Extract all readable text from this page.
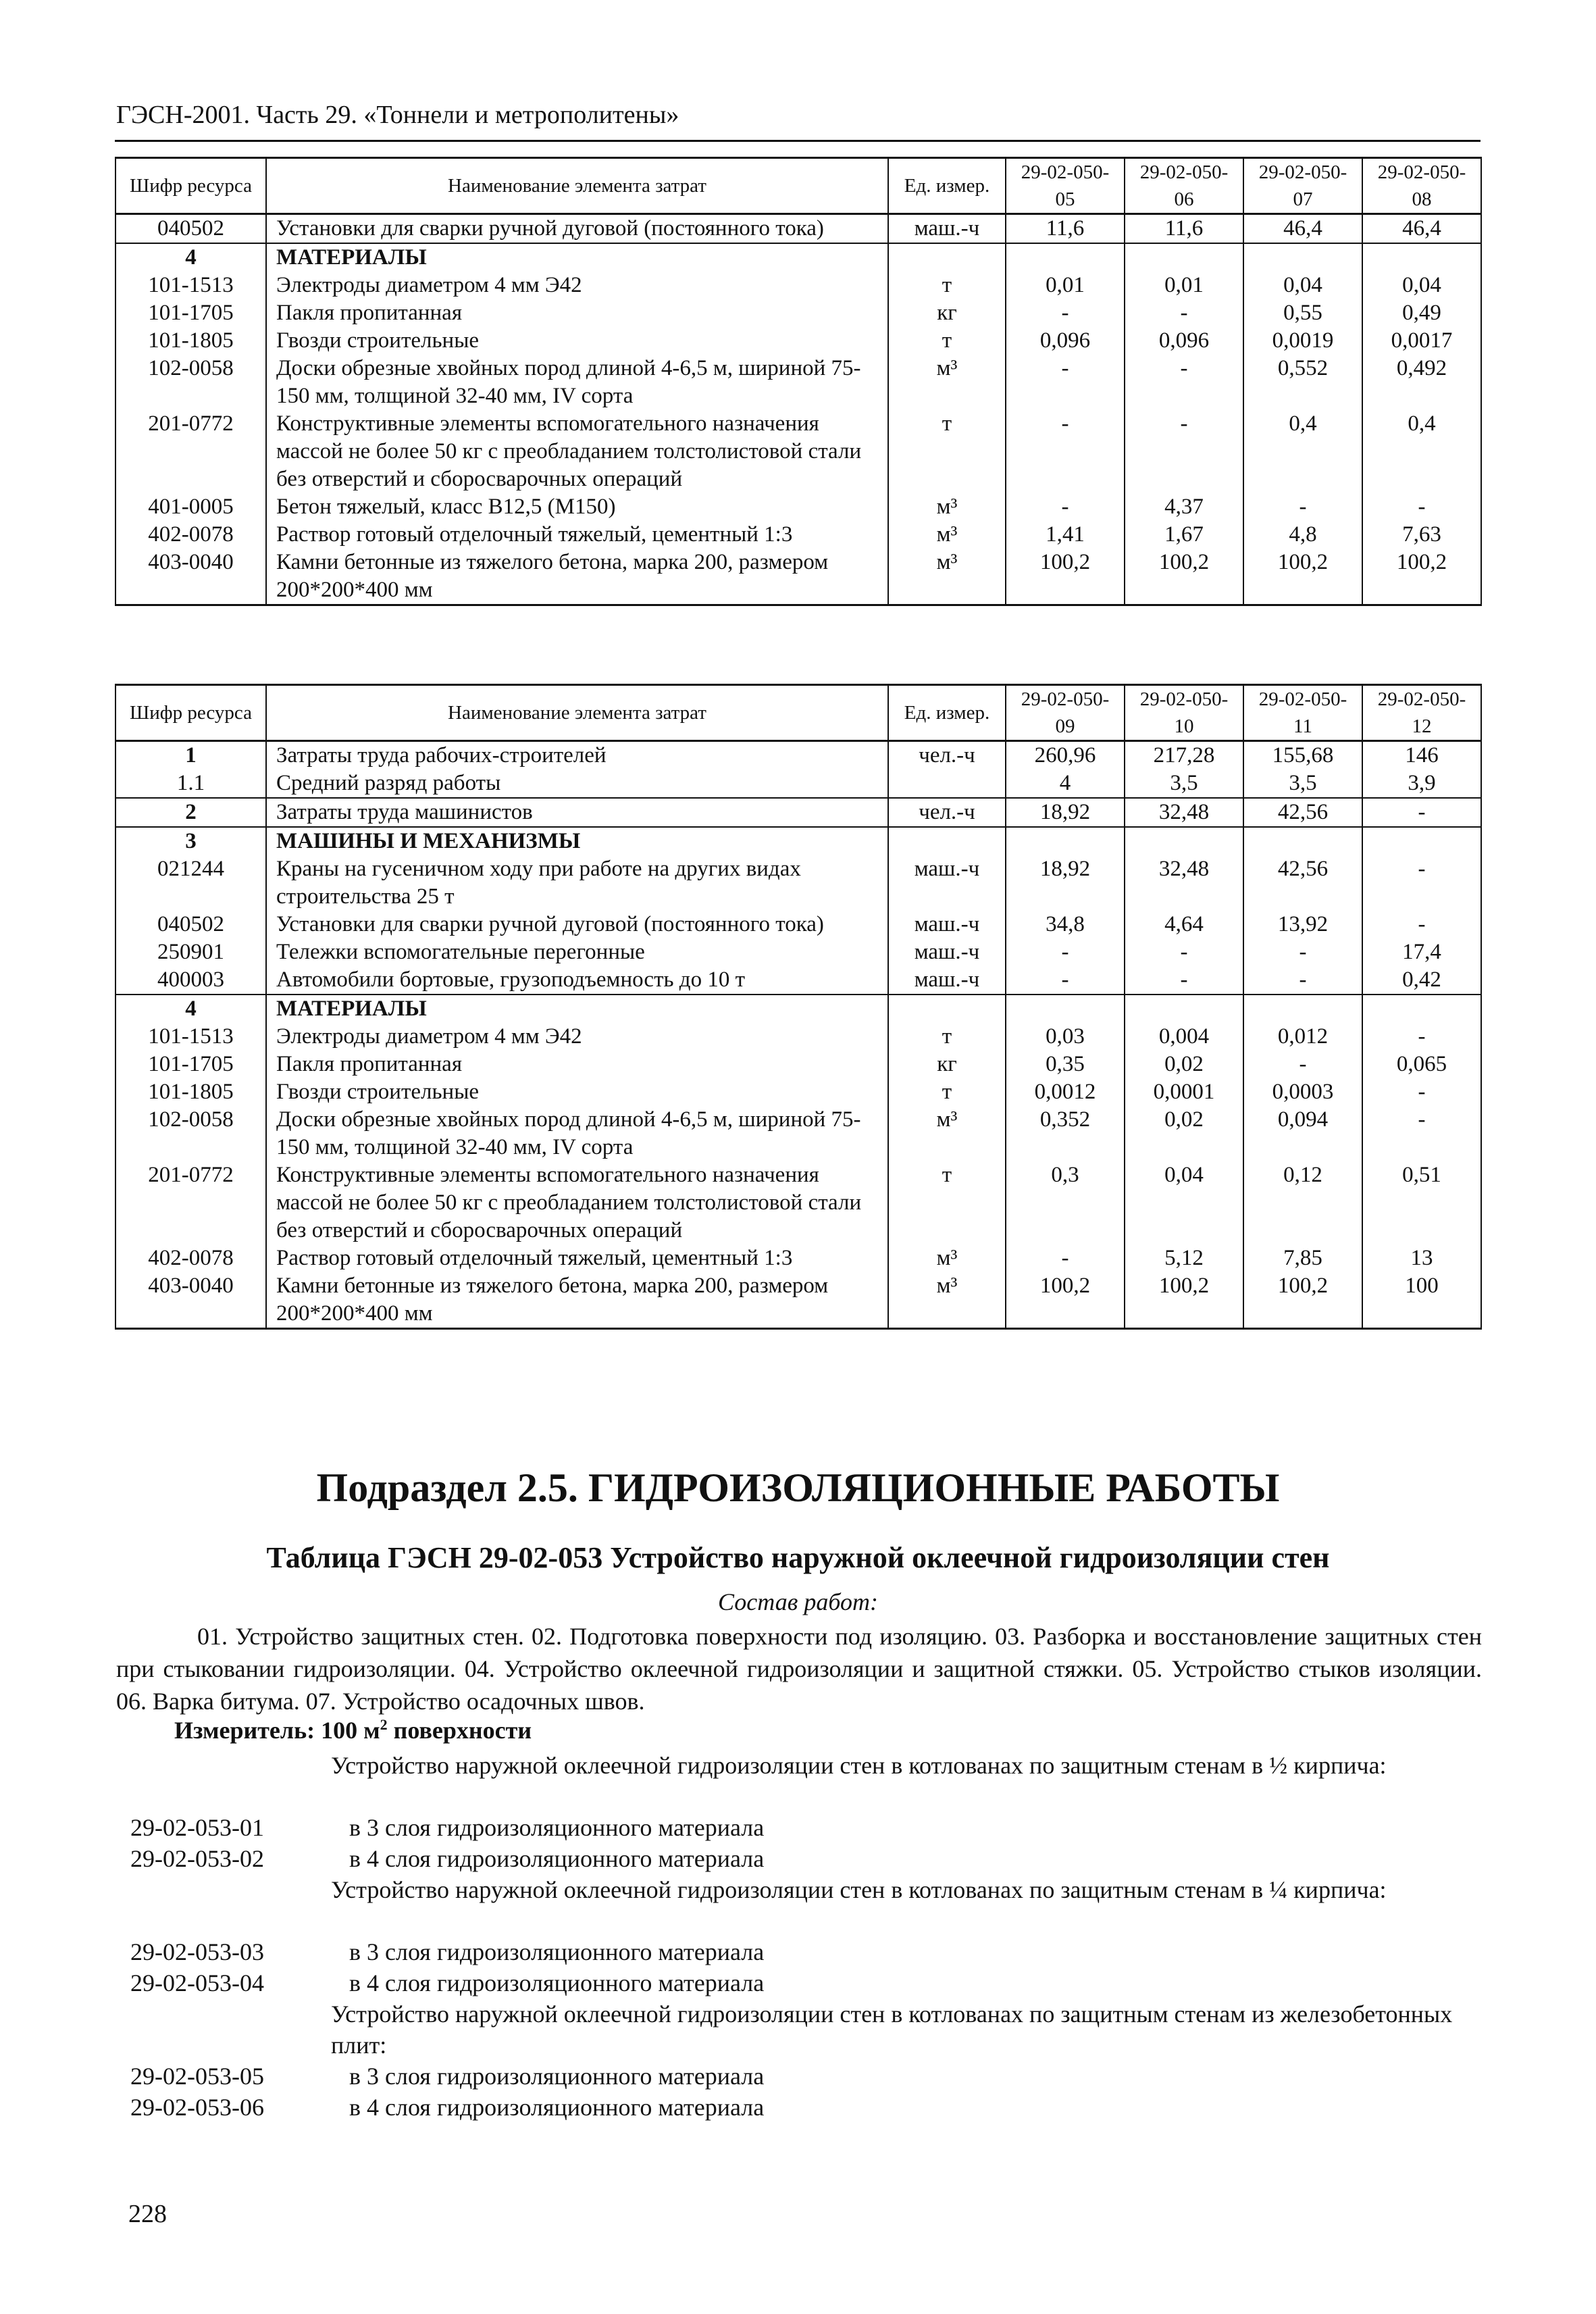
ГЭСН-2001. Часть 29. «Тоннели и метрополитены»
Шифр ресурса	Наименование элемента затрат	Ед. измер.	29-02-050-05	29-02-050-06	29-02-050-07	29-02-050-08
040502	Установки для сварки ручной дуговой (постоянного тока)	маш.-ч	11,6	11,6	46,4	46,4
4	МАТЕРИАЛЫ					
101-1513	Электроды диаметром 4 мм Э42	т	0,01	0,01	0,04	0,04
101-1705	Пакля пропитанная	кг	-	-	0,55	0,49
101-1805	Гвозди строительные	т	0,096	0,096	0,0019	0,0017
102-0058	Доски обрезные хвойных пород длиной 4-6,5 м, шириной 75-150 мм, толщиной 32-40 мм, IV сорта	м³	-	-	0,552	0,492
201-0772	Конструктивные элементы вспомогательного назначения массой не более 50 кг с преобладанием толстолистовой стали без отверстий и сборосварочных операций	т	-	-	0,4	0,4
401-0005	Бетон тяжелый, класс В12,5 (М150)	м³	-	4,37	-	-
402-0078	Раствор готовый отделочный тяжелый, цементный 1:3	м³	1,41	1,67	4,8	7,63
403-0040	Камни бетонные из тяжелого бетона, марка 200, размером 200*200*400 мм	м³	100,2	100,2	100,2	100,2
Шифр ресурса	Наименование элемента затрат	Ед. измер.	29-02-050-09	29-02-050-10	29-02-050-11	29-02-050-12
1	Затраты труда рабочих-строителей	чел.-ч	260,96	217,28	155,68	146
1.1	Средний разряд работы		4	3,5	3,5	3,9
2	Затраты труда машинистов	чел.-ч	18,92	32,48	42,56	-
3	МАШИНЫ И МЕХАНИЗМЫ					
021244	Краны на гусеничном ходу при работе на других видах строительства 25 т	маш.-ч	18,92	32,48	42,56	-
040502	Установки для сварки ручной дуговой (постоянного тока)	маш.-ч	34,8	4,64	13,92	-
250901	Тележки вспомогательные перегонные	маш.-ч	-	-	-	17,4
400003	Автомобили бортовые, грузоподъемность до 10 т	маш.-ч	-	-	-	0,42
4	МАТЕРИАЛЫ					
101-1513	Электроды диаметром 4 мм Э42	т	0,03	0,004	0,012	-
101-1705	Пакля пропитанная	кг	0,35	0,02	-	0,065
101-1805	Гвозди строительные	т	0,0012	0,0001	0,0003	-
102-0058	Доски обрезные хвойных пород длиной 4-6,5 м, шириной 75-150 мм, толщиной 32-40 мм, IV сорта	м³	0,352	0,02	0,094	-
201-0772	Конструктивные элементы вспомогательного назначения массой не более 50 кг с преобладанием толстолистовой стали без отверстий и сборосварочных операций	т	0,3	0,04	0,12	0,51
402-0078	Раствор готовый отделочный тяжелый, цементный 1:3	м³	-	5,12	7,85	13
403-0040	Камни бетонные из тяжелого бетона, марка 200, размером 200*200*400 мм	м³	100,2	100,2	100,2	100
Подраздел 2.5. ГИДРОИЗОЛЯЦИОННЫЕ РАБОТЫ
Таблица ГЭСН 29-02-053 Устройство наружной оклеечной гидроизоляции стен
Состав работ:

01. Устройство защитных стен. 02. Подготовка поверхности под изоляцию. 03. Разборка и восстановление защитных стен при стыковании гидроизоляции. 04. Устройство оклеечной гидроизоляции и защитной стяжки. 05. Устройство стыков изоляции. 06. Варка битума. 07. Устройство осадочных швов.

Измеритель: 100 $м^2$ поверхности
Устройство наружной оклеечной гидроизоляции стен в котлованах по защитным стенам в ½ кирпича:
29-02-053-01	в 3 слоя гидроизоляционного материала
29-02-053-02	в 4 слоя гидроизоляционного материала
Устройство наружной оклеечной гидроизоляции стен в котлованах по защитным стенам в ¼ кирпича:
29-02-053-03	в 3 слоя гидроизоляционного материала
29-02-053-04	в 4 слоя гидроизоляционного материала
Устройство наружной оклеечной гидроизоляции стен в котлованах по защитным стенам из железобетонных плит:
29-02-053-05	в 3 слоя гидроизоляционного материала
29-02-053-06	в 4 слоя гидроизоляционного материала
228
